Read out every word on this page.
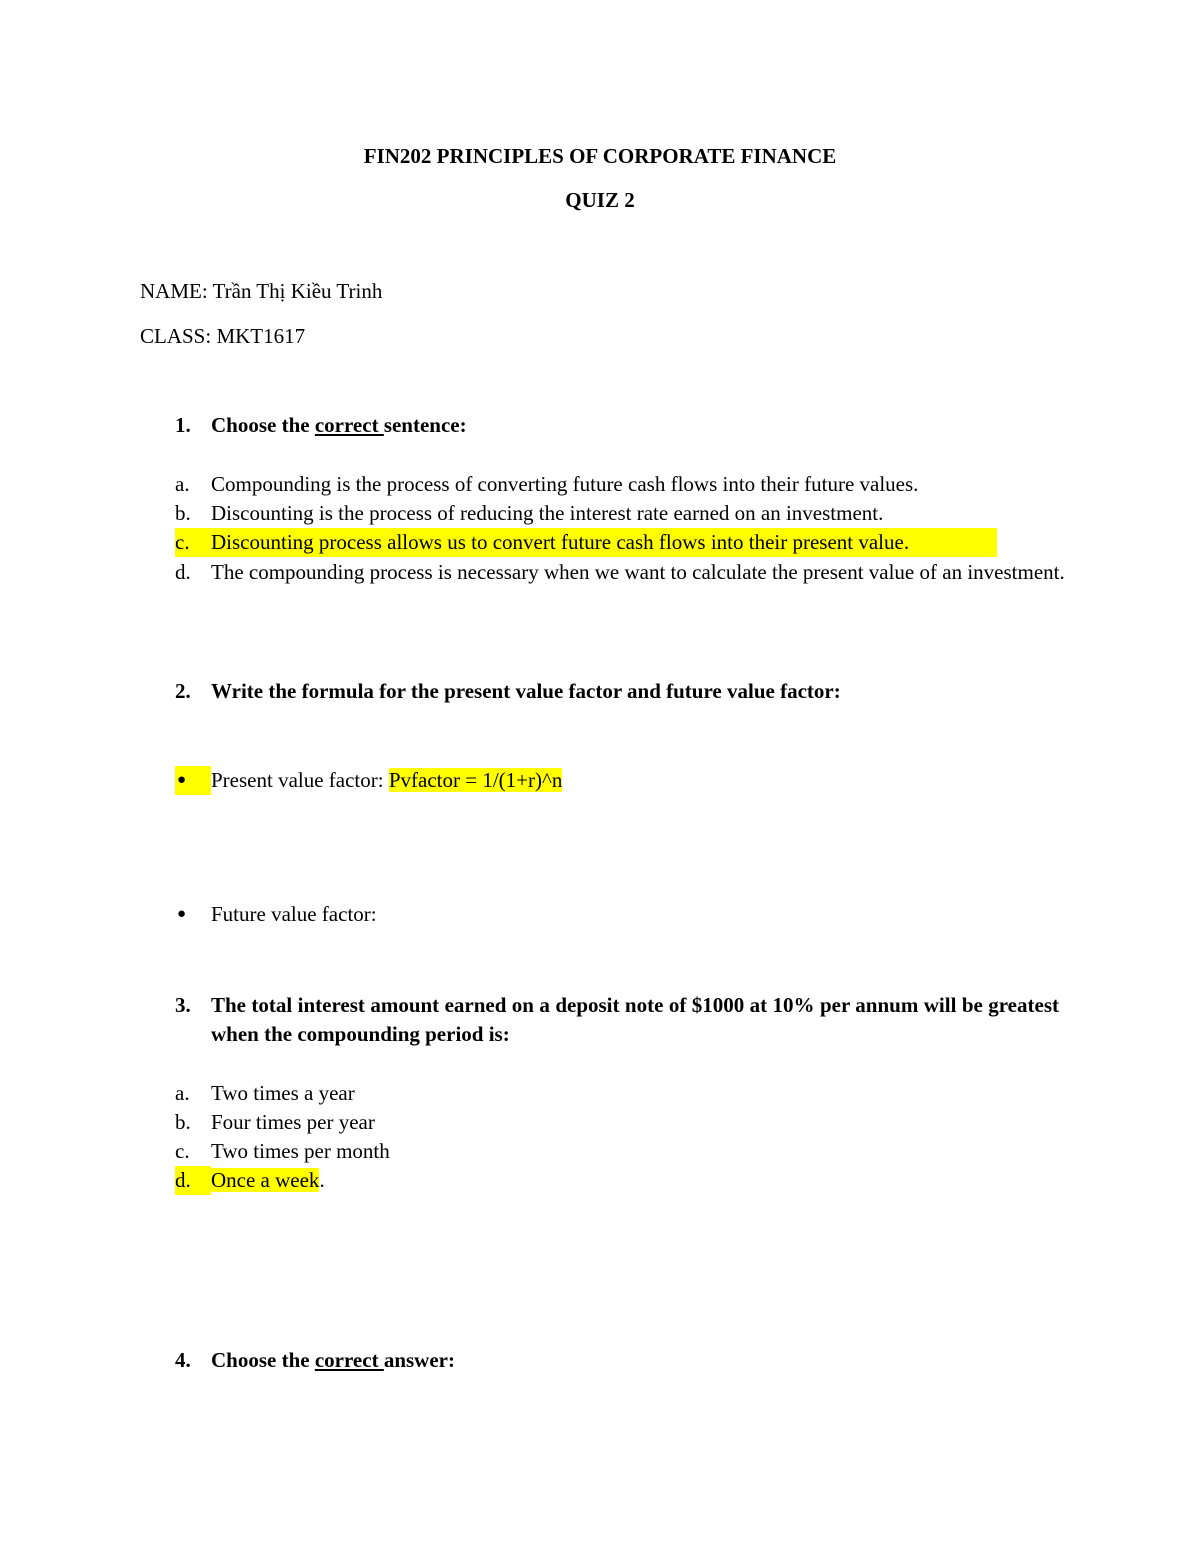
FIN202 PRINCIPLES OF CORPORATE FINANCE
QUIZ 2
NAME: Trần Thị Kiều Trinh
CLASS: MKT1617
1. Choose the correct sentence:
a. Compounding is the process of converting future cash flows into their future values.
b. Discounting is the process of reducing the interest rate earned on an investment.
c. Discounting process allows us to convert future cash flows into their present value.
d. The compounding process is necessary when we want to calculate the present value of an investment.
2. Write the formula for the present value factor and future value factor:
● Present value factor: Pvfactor = 1/(1+r)^n
● Future value factor:
3. The total interest amount earned on a deposit note of $1000 at 10% per annum will be greatest when the compounding period is:
a. Two times a year
b. Four times per year
c. Two times per month
d. Once a week.
4. Choose the correct answer:
